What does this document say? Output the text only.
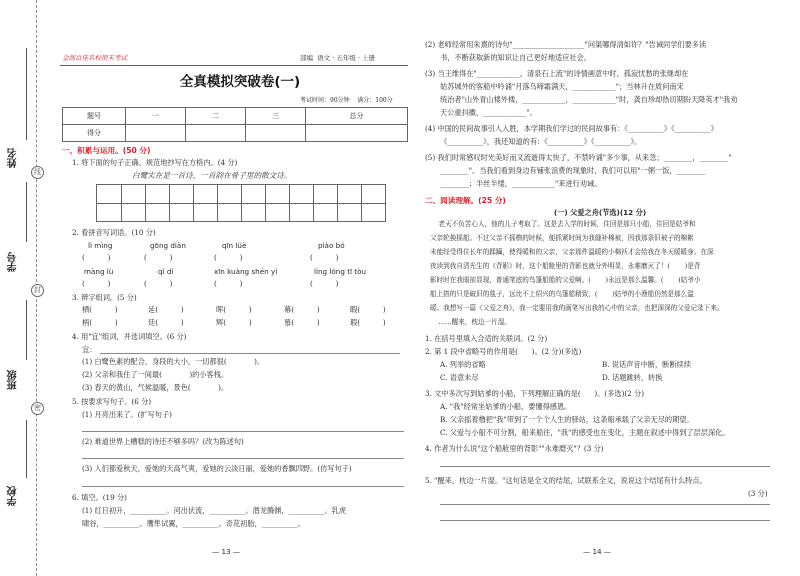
姓名
学号
班级
学校
线
封
密
金阁百佳名校期末考试	部编  语文 · 五年级 · 上册
全真模拟突破卷(一)
考试时间：90分钟    满分：100分
题号	一	二	三	总分
得分				
一、积累与运用。(50 分)
1. 将下面的句子正确、规范地抄写在方格内。(4 分)
白鹭实在是一首诗，一首韵在骨子里的散文诗。
2. 看拼音写词语。(10 分)
lì mìng	gōng diàn	qīn lüè	piào bó
(          )	(          )	(          )	(          )
màng lù	qí dí	xīn kuàng shén yí	líng lóng tī tòu
(          )	(          )	(          )	(          )
3. 辨字组词。(5 分)
栖(          )	延(          )	晖(          )	幕(          )	暇(          )
柄(          )	廷(          )	辉(          )	慕(          )	瑕(          )
4. 用"宜"组词，并选词填空。(6 分)
宜：
(1) 白鹭色素的配合，身段的大小，一切都很(            )。
(2) 父亲和我住了一间最(            )的小客栈。
(3) 春天的黄山，气候温暖，景色(            )。
5. 按要求写句子。(6 分)
(1) 月亮出来了。(扩写句子)
(2) 难道世界上槽糕的诗还不够多吗？(改为陈述句)
(3) 人们都爱秋天，爱她的天高气爽，爱她的云淡日丽，爱她的香飘四野。(仿写句子)
6. 填空。(19 分)
(1) 红日初升，__________。河出伏流，__________。潜龙腾渊，__________。乳虎
啸谷，__________。鹰隼试翼，__________。奇花初胎，__________。
— 13 —
(2) 老师经常用朱熹的诗句"____________________"问渠哪得清如许？"告诫同学们要多读
书，不断获取新的知识让自己更好地适应社会。
(3) 当王维得在"____________，清泉石上流"的诗情画意中时，孤寂忧愁的张继却在
姑苏城外的客船中吟诵"月落乌啼霜满天，____________"；当林升在质问南宋
统治者"山外青山楼外楼，____________，____________"时，龚自珍却热切期盼天降英才"我劝
天公重抖擞，____________"。
(4) 中国的民间故事引人入胜，本学期我们学过的民间故事有：《__________》《__________》
《__________》，我还知道的有：《__________》《__________》。
(5) 我们时常感叹时光美好而又流逝得太快了，不禁吟诵"多少事，从来急；________，________"
________"。当我们看到身边有铺张浪费的现象时，我们可以用"一粥一饭，________
________；半丝半缕，____________"来进行劝诫。
二、阅读理解。(25 分)
(一) 父爱之舟(节选)(12 分)
老天不负苦心人，他的儿子考取了。这是去入学的时候，住回是那只小船，住回是姑爷和
父亲轮换摇船。不过父亲不摇橹的时候，便抓紧时间为我缝补棉被，因我那条旧被子的棉絮
未能经受得住长年的蹂躏，使得暖和的父亲，父亲那件温暖的小棉袄才会给我在冬天暖暖身。在深
夜读到我自清光生的《背影》时，这个船舱里的背影也就分外明显，永难磨灭了！(       )是背
影时时在我眼前显现，普通笔底的鸟篷船船的父爱啊。(       )永远是那么温馨。(       )姑爷小
船上搭的只是破旧的毯子，远比不上绍兴的乌篷船精致，(       )姑爷的小渔船仍然是那么温
暖。我想写一篇《父爱之舟》，我一定要用我的画笔写出我的心中的父亲，也把深深的父爱记录下来。
……醒来，枕边一片湿。
1. 在括号里填入合适的关联词。(2 分)
2. 第 1 段中省略号的作用是(      )。(2 分)(多选)
A. 列举的省略	B. 说话声音中断，断断续续
C. 语意未尽	D. 话题跳转，转换
3. 文中多次写到姑爹的小船，下列理解正确的是(      )。(多选)(2 分)
A. "我"经常坐姑爹的小船，要懂得感恩。
B. 父亲摇着橹把"我"带到了一个个人生的驿站，这条船承载了父亲无尽的期望。
C. 父爱与小船不可分割，船来船往，"我"的感受也在变化，主题在叙述中得到了层层深化。
4. 作者为什么说"这个船舱里的背影""永难磨灭"？(3 分)
5. "醒来，枕边一片湿。"这句话是全文的结尾，试联系全文，说说这个结尾有什么特点。
(3 分)
— 14 —
